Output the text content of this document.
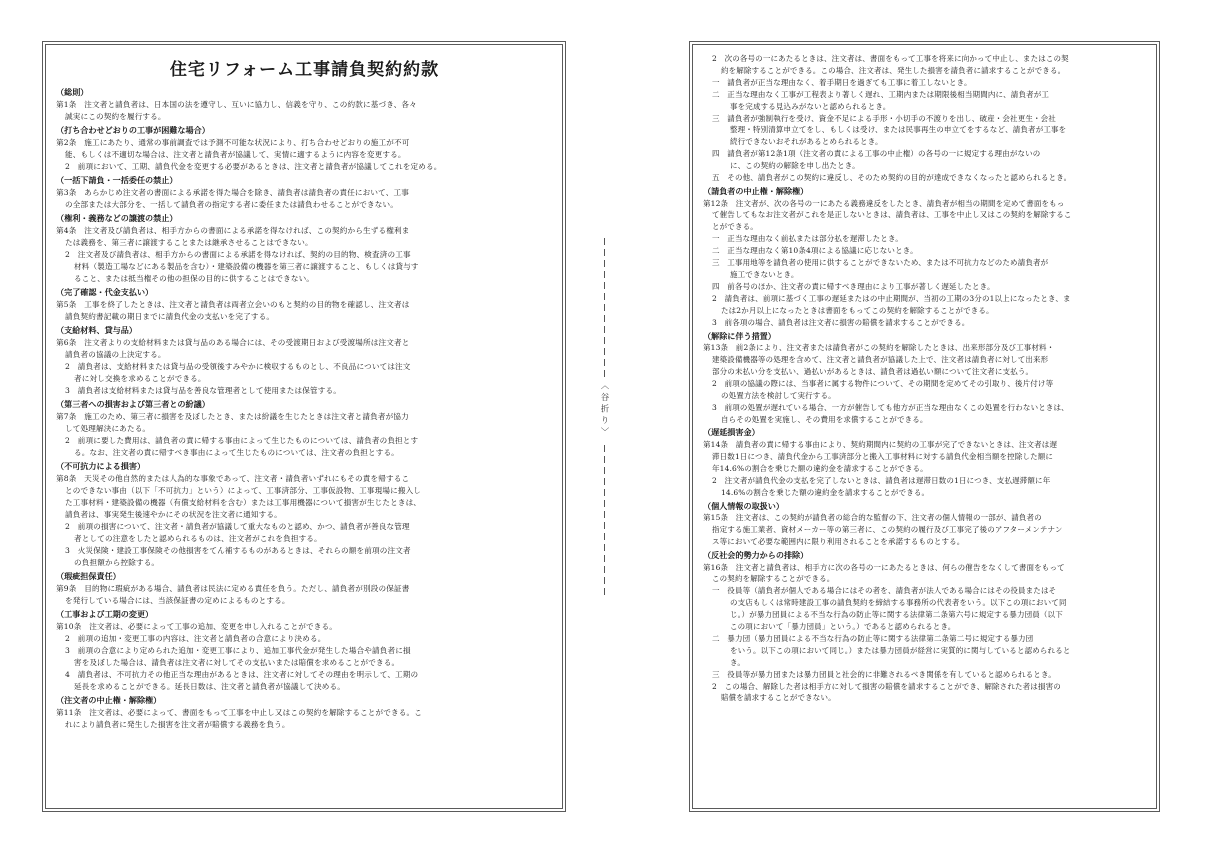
住宅リフォーム工事請負契約約款
（総則）
第1条　注文者と請負者は、日本国の法を遵守し、互いに協力し、信義を守り、この約款に基づき、各々
誠実にこの契約を履行する。
（打ち合わせどおりの工事が困難な場合）
第2条　施工にあたり、通常の事前調査では予測不可能な状況により、打ち合わせどおりの施工が不可
能、もしくは不適切な場合は、注文者と請負者が協議して、実情に適するように内容を変更する。
2　前項において、工期、請負代金を変更する必要があるときは、注文者と請負者が協議してこれを定める。
（一括下請負・一括委任の禁止）
第3条　あらかじめ注文者の書面による承諾を得た場合を除き、請負者は請負者の責任において、工事
の全部または大部分を、一括して請負者の指定する者に委任または請負わせることができない。
（権利・義務などの譲渡の禁止）
第4条　注文者及び請負者は、相手方からの書面による承諾を得なければ、この契約から生ずる権利ま
たは義務を、第三者に譲渡することまたは継承させることはできない。
2　注文者及び請負者は、相手方からの書面による承諾を得なければ、契約の目的物、検査済の工事
材料（製造工場などにある製品を含む）・建築設備の機器を第三者に譲渡すること、もしくは貸与す
ること、または抵当権その他の担保の目的に供することはできない。
（完了確認・代金支払い）
第5条　工事を終了したときは、注文者と請負者は両者立会いのもと契約の目的物を確認し、注文者は
請負契約書記載の期日までに請負代金の支払いを完了する。
（支給材料、貸与品）
第6条　注文者よりの支給材料または貸与品のある場合には、その受渡期日および受渡場所は注文者と
請負者の協議の上決定する。
2　請負者は、支給材料または貸与品の受領後すみやかに検収するものとし、不良品については注文
者に対し交換を求めることができる。
3　請負者は支給材料または貸与品を善良な管理者として使用または保管する。
（第三者への損害および第三者との紛議）
第7条　施工のため、第三者に損害を及ぼしたとき、または紛議を生じたときは注文者と請負者が協力
して処理解決にあたる。
2　前項に要した費用は、請負者の責に帰する事由によって生じたものについては、請負者の負担とす
る。なお、注文者の責に帰すべき事由によって生じたものについては、注文者の負担とする。
（不可抗力による損害）
第8条　天災その他自然的または人為的な事象であって、注文者・請負者いずれにもその責を帰するこ
とのできない事由（以下「不可抗力」という）によって、工事済部分、工事仮設物、工事現場に搬入し
た工事材料・建築設備の機器（有償支給材料を含む）または工事用機器について損害が生じたときは、
請負者は、事実発生後速やかにその状況を注文者に通知する。
2　前項の損害について、注文者・請負者が協議して重大なものと認め、かつ、請負者が善良な管理
者としての注意をしたと認められるものは、注文者がこれを負担する。
3　火災保険・建設工事保険その他損害をてん補するものがあるときは、それらの額を前項の注文者
の負担額から控除する。
（瑕疵担保責任）
第9条　目的物に瑕疵がある場合、請負者は民法に定める責任を負う。ただし、請負者が別段の保証書
を発行している場合には、当該保証書の定めによるものとする。
（工事および工期の変更）
第10条　注文者は、必要によって工事の追加、変更を申し入れることができる。
2　前項の追加・変更工事の内容は、注文者と請負者の合意により決める。
3　前項の合意により定められた追加・変更工事により、追加工事代金が発生した場合や請負者に損
害を及ぼした場合は、請負者は注文者に対してその支払いまたは賠償を求めることができる。
4　請負者は、不可抗力その他正当な理由があるときは、注文者に対してその理由を明示して、工期の
延長を求めることができる。延長日数は、注文者と請負者が協議して決める。
（注文者の中止権・解除権）
第11条　注文者は、必要によって、書面をもって工事を中止し又はこの契約を解除することができる。こ
れにより請負者に発生した損害を注文者が賠償する義務を負う。
〈谷折り〉
2　次の各号の一にあたるときは、注文者は、書面をもって工事を将来に向かって中止し、またはこの契
約を解除することができる。この場合、注文者は、発生した損害を請負者に請求することができる。
一　請負者が正当な理由なく、着手期日を過ぎても工事に着工しないとき。
二　正当な理由なく工事が工程表より著しく遅れ、工期内または期限後相当期間内に、請負者が工
事を完成する見込みがないと認められるとき。
三　請負者が強制執行を受け、資金不足による手形・小切手の不渡りを出し、破産・会社更生・会社
整理・特別清算申立てをし、もしくは受け、または民事再生の申立てをするなど、請負者が工事を
続行できないおそれがあるとめられるとき。
四　請負者が第12条1項（注文者の責による工事の中止権）の各号の一に規定する理由がないの
に、この契約の解除を申し出たとき。
五　その他、請負者がこの契約に違反し、そのため契約の目的が達成できなくなったと認められるとき。
（請負者の中止権・解除権）
第12条　注文者が、次の各号の一にあたる義務違反をしたとき、請負者が相当の期間を定めて書面をもっ
て催告してもなお注文者がこれを是正しないときは、請負者は、工事を中止し又はこの契約を解除するこ
とができる。
一　正当な理由なく前払または部分払を遅滞したとき。
二　正当な理由なく第10条4項による協議に応じないとき。
三　工事用地等を請負者の使用に供することができないため、または不可抗力などのため請負者が
施工できないとき。
四　前各号のほか、注文者の責に帰すべき理由により工事が著しく遅延したとき。
2　請負者は、前項に基づく工事の遅延またはの中止期間が、当初の工期の3分の1以上になったとき、ま
たは2か月以上になったときは書面をもってこの契約を解除することができる。
3　前各項の場合、請負者は注文者に損害の賠償を請求することができる。
（解除に伴う措置）
第13条　前2条により、注文者または請負者がこの契約を解除したときは、出来形部分及び工事材料・
建築設備機器等の処理を含めて、注文者と請負者が協議した上で、注文者は請負者に対して出来形
部分の未払い分を支払い、過払いがあるときは、請負者は過払い額について注文者に支払う。
2　前項の協議の際には、当事者に属する物件について、その期間を定めてその引取り、後片付け等
の処置方法を検討して実行する。
3　前項の処置が遅れている場合、一方が催告しても他方が正当な理由なくこの処置を行わないときは、
自らその処置を実施し、その費用を求償することができる。
（遅延損害金）
第14条　請負者の責に帰する事由により、契約期間内に契約の工事が完了できないときは、注文者は遅
滞日数1日につき、請負代金から工事済部分と搬入工事材料に対する請負代金相当額を控除した額に
年14.6%の割合を乗じた額の違約金を請求することができる。
2　注文者が請負代金の支払を完了しないときは、請負者は遅滞日数の1日につき、支払遅滞額に年
14.6%の割合を乗じた額の違約金を請求することができる。
（個人情報の取扱い）
第15条　注文者は、この契約が請負者の総合的な監督の下、注文者の個人情報の一部が、請負者の
指定する施工業者、資材メーカー等の第三者に、この契約の履行及び工事完了後のアフターメンテナン
ス等において必要な範囲内に限り利用されることを承諾するものとする。
（反社会的勢力からの排除）
第16条　注文者と請負者は、相手方に次の各号の一にあたるときは、何らの催告をなくして書面をもって
この契約を解除することができる。
一　役員等（請負者が個人である場合にはその者を、請負者が法人である場合にはその役員またはそ
の支店もしくは常時建設工事の請負契約を締結する事務所の代表者をいう。以下この項において同
じ。）が暴力団員による不当な行為の防止等に関する法律第二条第六号に規定する暴力団員（以下
この項において「暴力団員」という。）であると認められるとき。
二　暴力団（暴力団員による不当な行為の防止等に関する法律第二条第二号に規定する暴力団
をいう。以下この項において同じ。）または暴力団員が経営に実質的に関与していると認められると
き。
三　役員等が暴力団または暴力団員と社会的に非難されるべき関係を有していると認められるとき。
2　この場合、解除した者は相手方に対して損害の賠償を請求することができ、解除された者は損害の
賠償を請求することができない。
